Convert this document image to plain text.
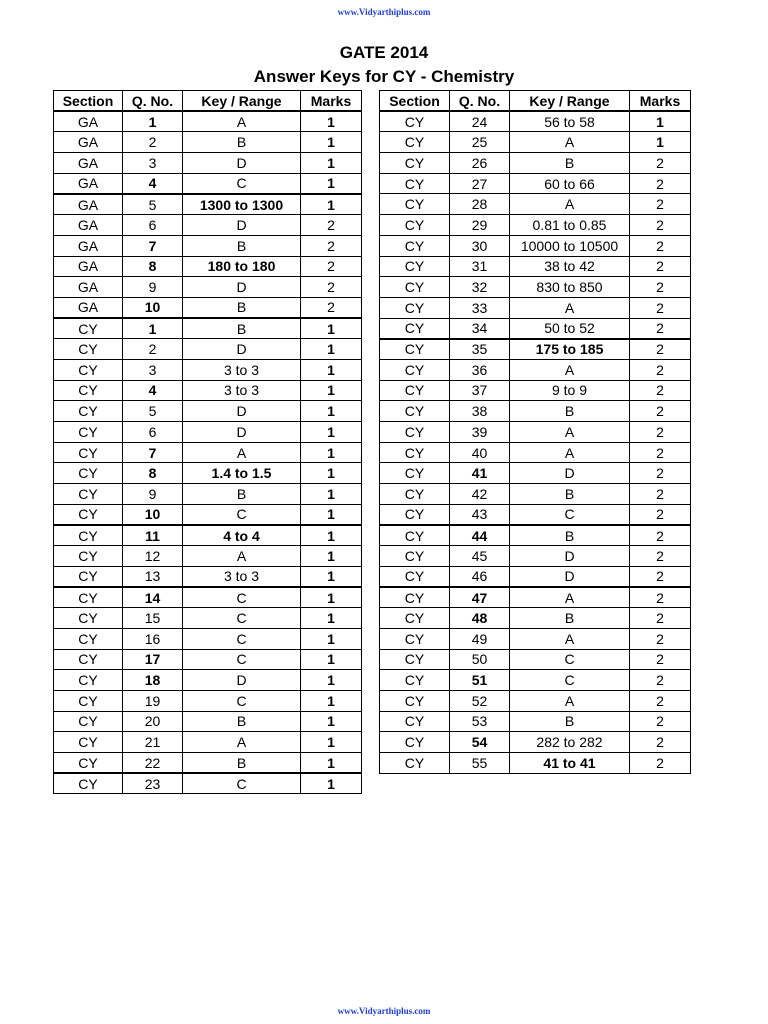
www.Vidyarthiplus.com
GATE 2014
Answer Keys for CY - Chemistry
Section	Q. No.	Key / Range	Marks
GA	1	A	1
GA	2	B	1
GA	3	D	1
GA	4	C	1
GA	5	1300 to 1300	1
GA	6	D	2
GA	7	B	2
GA	8	180 to 180	2
GA	9	D	2
GA	10	B	2
CY	1	B	1
CY	2	D	1
CY	3	3 to 3	1
CY	4	3 to 3	1
CY	5	D	1
CY	6	D	1
CY	7	A	1
CY	8	1.4 to 1.5	1
CY	9	B	1
CY	10	C	1
CY	11	4 to 4	1
CY	12	A	1
CY	13	3 to 3	1
CY	14	C	1
CY	15	C	1
CY	16	C	1
CY	17	C	1
CY	18	D	1
CY	19	C	1
CY	20	B	1
CY	21	A	1
CY	22	B	1
CY	23	C	1
Section	Q. No.	Key / Range	Marks
CY	24	56 to 58	1
CY	25	A	1
CY	26	B	2
CY	27	60 to 66	2
CY	28	A	2
CY	29	0.81 to 0.85	2
CY	30	10000 to 10500	2
CY	31	38 to 42	2
CY	32	830 to 850	2
CY	33	A	2
CY	34	50 to 52	2
CY	35	175 to 185	2
CY	36	A	2
CY	37	9 to 9	2
CY	38	B	2
CY	39	A	2
CY	40	A	2
CY	41	D	2
CY	42	B	2
CY	43	C	2
CY	44	B	2
CY	45	D	2
CY	46	D	2
CY	47	A	2
CY	48	B	2
CY	49	A	2
CY	50	C	2
CY	51	C	2
CY	52	A	2
CY	53	B	2
CY	54	282 to 282	2
CY	55	41 to 41	2
www.Vidyarthiplus.com
